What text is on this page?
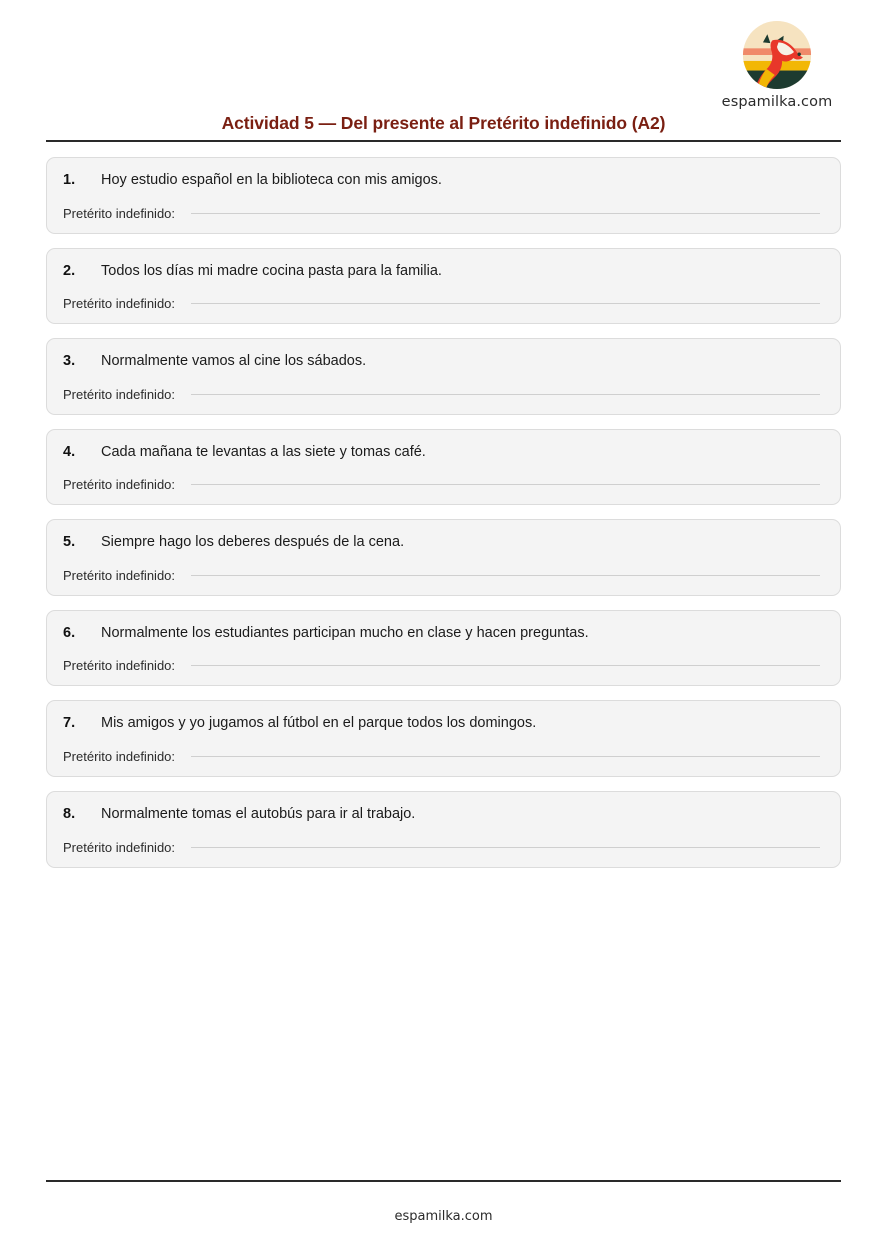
espamilka.com
Actividad 5 — Del presente al Pretérito indefinido (A2)
1.	Hoy estudio español en la biblioteca con mis amigos.
Pretérito indefinido:
2.	Todos los días mi madre cocina pasta para la familia.
Pretérito indefinido:
3.	Normalmente vamos al cine los sábados.
Pretérito indefinido:
4.	Cada mañana te levantas a las siete y tomas café.
Pretérito indefinido:
5.	Siempre hago los deberes después de la cena.
Pretérito indefinido:
6.	Normalmente los estudiantes participan mucho en clase y hacen preguntas.
Pretérito indefinido:
7.	Mis amigos y yo jugamos al fútbol en el parque todos los domingos.
Pretérito indefinido:
8.	Normalmente tomas el autobús para ir al trabajo.
Pretérito indefinido:
espamilka.com
